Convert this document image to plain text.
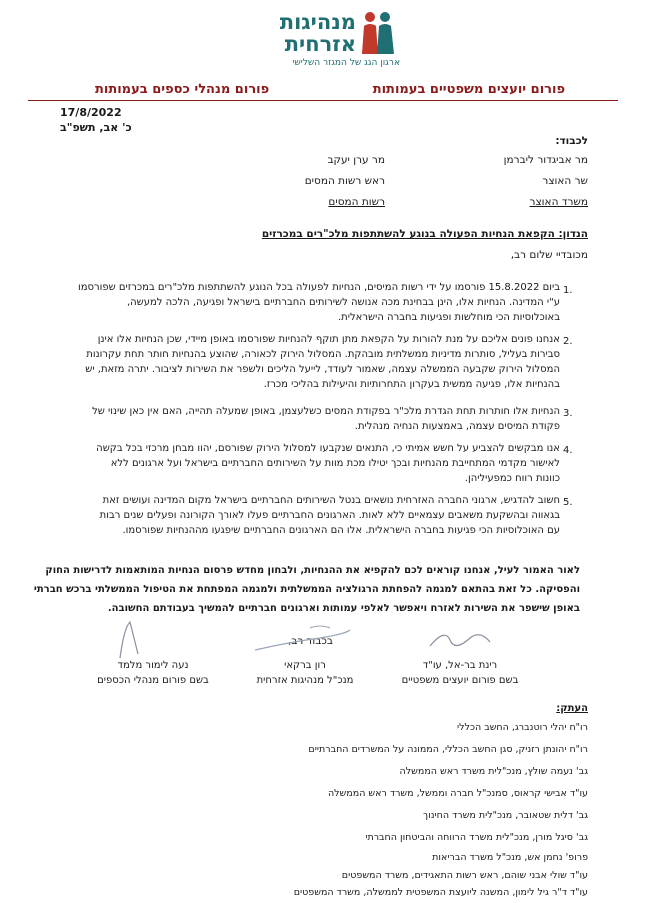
מנהיגות
אזרחית
ארגון הגג של המגזר השלישי
פורום יועצים משפטיים בעמותות
פורום מנהלי כספים בעמותות
17/8/2022
כ' אב, תשפ"ב
לכבוד:
מר אביגדור ליברמן
שר האוצר
משרד האוצר
מר ערן יעקב
ראש רשות המסים
רשות המסים
הנדון: הקפאת הנחיות הפעולה בנוגע להשתתפות מלכ"רים במכרזים
מכובדיי שלום רב,
1.
ביום 15.8.2022 פורסמו על ידי רשות המיסים, הנחיות לפעולה בכל הנוגע להשתתפות מלכ"רים במכרזים שפורסמו
ע"י המדינה. הנחיות אלו, הינן בבחינת מכה אנושה לשירותים החברתיים בישראל ופגיעה, הלכה למעשה,
באוכלוסיות הכי מוחלשות ופגיעות בחברה הישראלית.
2.
אנחנו פונים אליכם על מנת להורות על הקפאת מתן תוקף להנחיות שפורסמו באופן מיידי, שכן הנחיות אלו אינן
סבירות בעליל, סותרות מדיניות ממשלתית מובהקת. המסלול הירוק לכאורה, שהוצע בהנחיות חותר תחת עקרונות
המסלול הירוק שקבעה הממשלה עצמה, שאמור לעודד, לייעל הליכים ולשפר את השירות לציבור. יתרה מזאת, יש
בהנחיות אלו, פגיעה ממשית בעקרון התחרותיות והיעילות בהליכי מכרז.
3.
הנחיות אלו חותרות תחת הגדרת מלכ"ר בפקודת המסים כשלעצמן, באופן שמעלה תהייה, האם אין כאן שינוי של
פקודת המיסים עצמה, באמצעות הנחיה מנהלית.
4.
אנו מבקשים להצביע על חשש אמיתי כי, התנאים שנקבעו למסלול הירוק שפורסם, יהוו מבחן מרכזי בכל בקשה
לאישור מקדמי המתחייבת מהנחיות ובכך יטילו מכת מוות על השירותים החברתיים בישראל ועל ארגונים ללא
כוונות רווח כמפעיליהן.
5.
חשוב להדגיש, ארגוני החברה האזרחית נושאים בנטל השירותים החברתיים בישראל מקום המדינה ועושים זאת
בגאווה ובהשקעת משאבים עצמאיים ללא לאות. הארגונים החברתיים פעלו לאורך הקורונה ופעלים שנים רבות
עם האוכלוסיות הכי פגיעות בחברה הישראלית. אלו הם הארגונים החברתיים שיפגעו מההנחיות שפורסמו.
לאור האמור לעיל, אנחנו קוראים לכם להקפיא את ההנחיות, ולבחון מחדש פרסום הנחיות המותאמות לדרישות החוק
והפסיקה. כל זאת בהתאם למגמה להפחתת הרגולציה הממשלתית ולמגמה המפתחת את הטיפול הממשלתי ברכש חברתי
באופן שישפר את השירות לאזרח ויאפשר לאלפי עמותות וארגונים חברתיים להמשיך בעבודתם החשובה.
בכבוד רב,
רינת בר-אל, עו"ד
בשם פורום יועצים משפטיים
רון ברקאי
מנכ"ל מנהיגות אזרחית
נעה לימור מלמד
בשם פורום מנהלי הכספים
העתק:
רו"ח יהלי רוטנברג, החשב הכללי
רו"ח יהונתן רזניק, סגן החשב הכללי, הממונה על המשרדים החברתיים
גב' נעמה שולץ, מנכ"לית משרד ראש הממשלה
עו"ד אבישי קראוס, סמנכ"ל חברה וממשל, משרד ראש הממשלה
גב' דלית שטאובר, מנכ"לית משרד החינוך
גב' סיגל מורן, מנכ"לית משרד הרווחה והביטחון החברתי
פרופ' נחמן אש, מנכ"ל משרד הבריאות
עו"ד שולי אבני שוהם, ראש רשות התאגידים, משרד המשפטים
עו"ד ד"ר גיל לימון, המשנה ליועצת המשפטית לממשלה, משרד המשפטים
